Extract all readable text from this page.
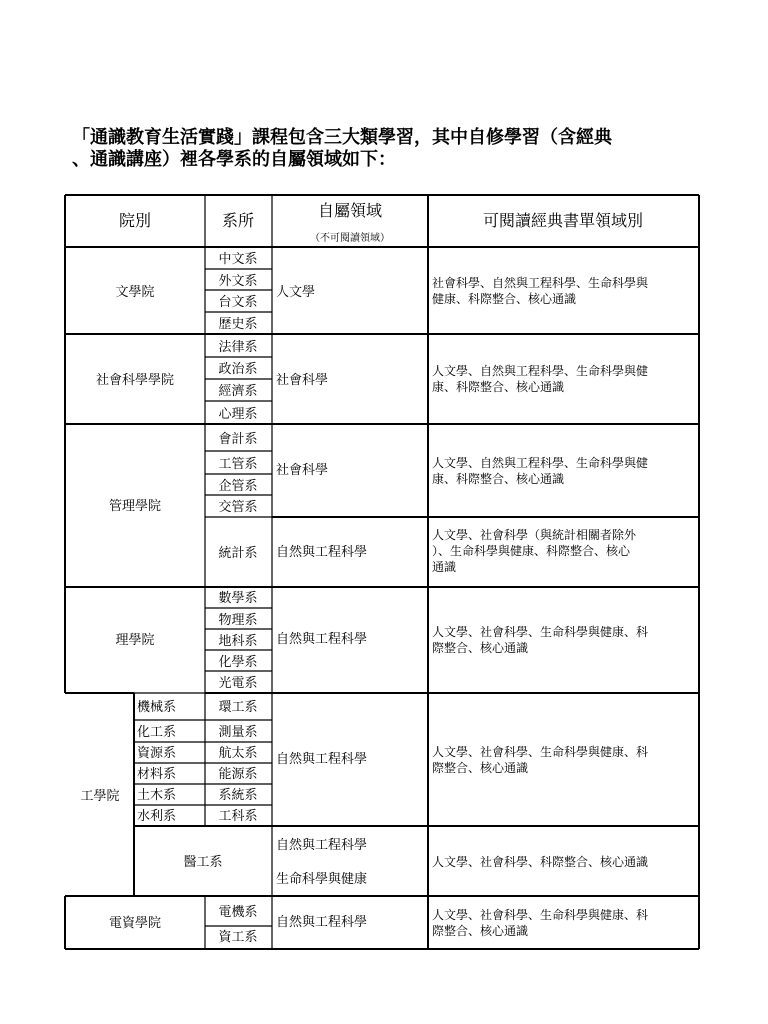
「通識教育生活實踐」課程包含三大類學習，其中自修學習（含經典
、通識講座）裡各學系的自屬領域如下：
院別	系所
自屬領域
（不可閱讀領域）
可閱讀經典書單領域別
文學院
社會科學學院
管理學院
理學院
工學院
電資學院
中文系
外文系
台文系
歷史系
法律系
政治系
經濟系
心理系
會計系
工管系
企管系
交管系
統計系
數學系
物理系
地科系
化學系
光電系
機械系
化工系
資源系
材料系
土木系
水利系
環工系
測量系
航太系
能源系
系統系
工科系
醫工系
電機系
資工系
人文學
社會科學
社會科學
自然與工程科學
自然與工程科學
自然與工程科學
自然與工程科學
生命科學與健康
自然與工程科學
社會科學、自然與工程科學、生命科學與
健康、科際整合、核心通識
人文學、自然與工程科學、生命科學與健
康、科際整合、核心通識
人文學、自然與工程科學、生命科學與健
康、科際整合、核心通識
人文學、社會科學（與統計相關者除外
）、生命科學與健康、科際整合、核心
通識
人文學、社會科學、生命科學與健康、科
際整合、核心通識
人文學、社會科學、生命科學與健康、科
際整合、核心通識
人文學、社會科學、科際整合、核心通識
人文學、社會科學、生命科學與健康、科
際整合、核心通識
